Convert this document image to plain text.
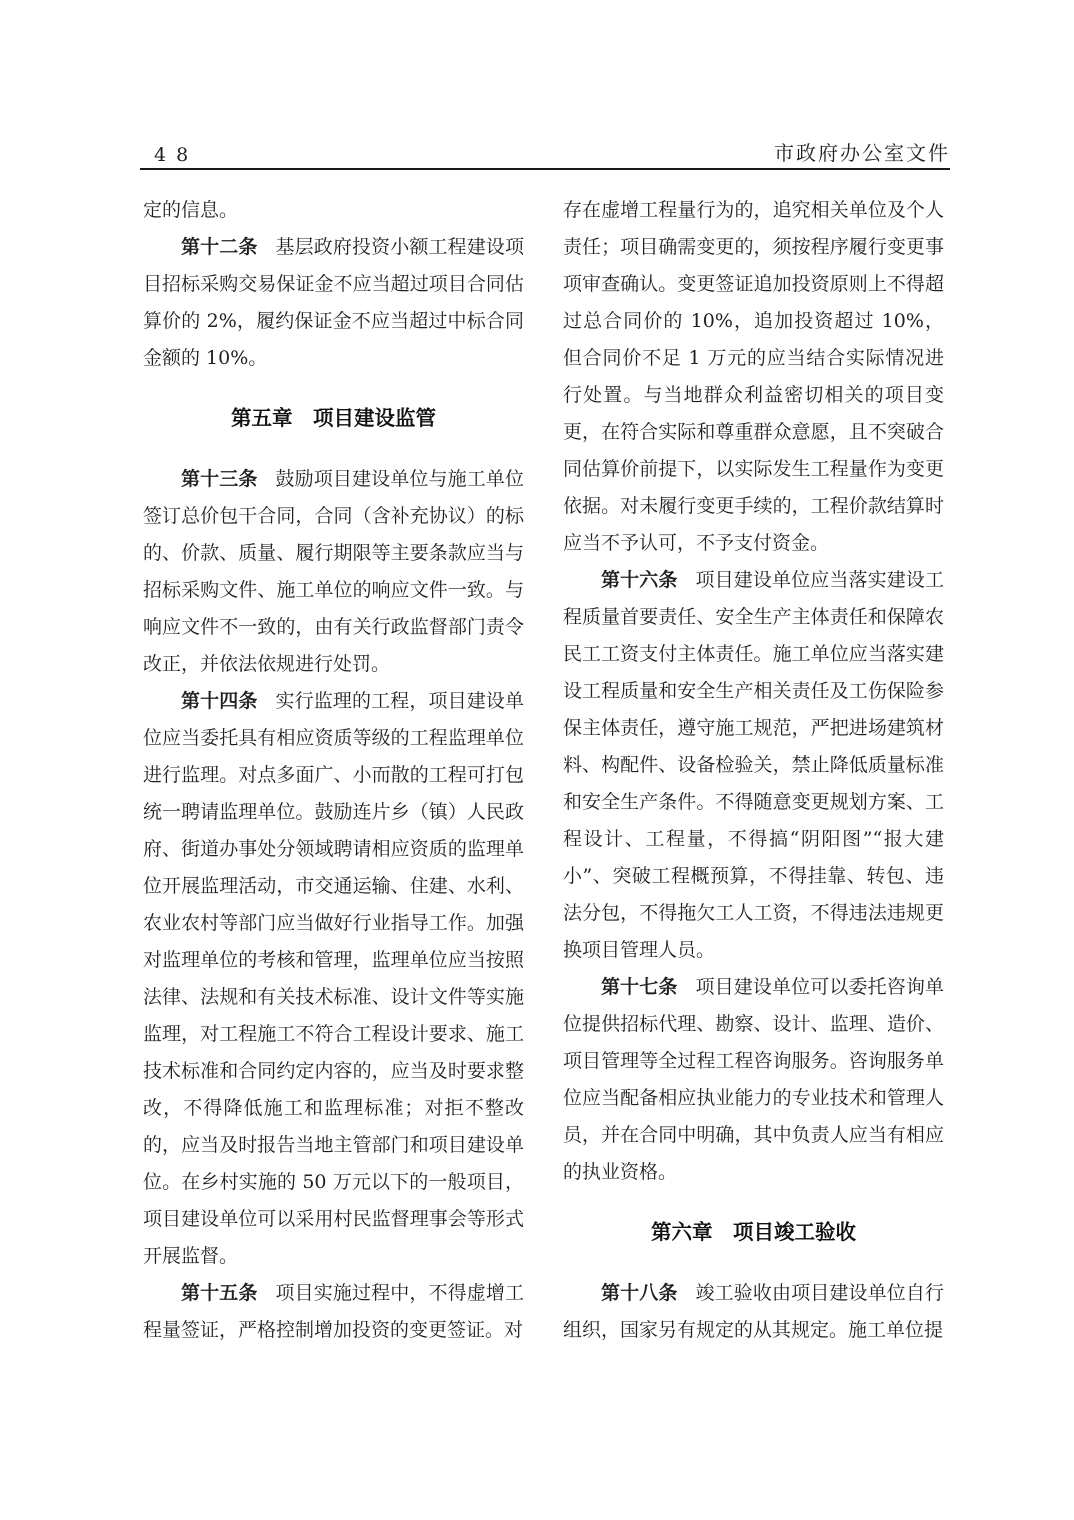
4 8	市政府办公室文件

定的信息。

第十二条 基层政府投资小额工程建设项目招标采购交易保证金不应当超过项目合同估算价的 2%，履约保证金不应当超过中标合同金额的 10%。

第五章　项目建设监管

第十三条 鼓励项目建设单位与施工单位签订总价包干合同，合同（含补充协议）的标的、价款、质量、履行期限等主要条款应当与招标采购文件、施工单位的响应文件一致。与响应文件不一致的，由有关行政监督部门责令改正，并依法依规进行处罚。

第十四条 实行监理的工程，项目建设单位应当委托具有相应资质等级的工程监理单位进行监理。对点多面广、小而散的工程可打包统一聘请监理单位。鼓励连片乡（镇）人民政府、街道办事处分领域聘请相应资质的监理单位开展监理活动，市交通运输、住建、水利、农业农村等部门应当做好行业指导工作。加强对监理单位的考核和管理，监理单位应当按照法律、法规和有关技术标准、设计文件等实施监理，对工程施工不符合工程设计要求、施工技术标准和合同约定内容的，应当及时要求整改，不得降低施工和监理标准；对拒不整改的，应当及时报告当地主管部门和项目建设单位。在乡村实施的 50 万元以下的一般项目，项目建设单位可以采用村民监督理事会等形式开展监督。

第十五条 项目实施过程中，不得虚增工程量签证，严格控制增加投资的变更签证。对

存在虚增工程量行为的，追究相关单位及个人责任；项目确需变更的，须按程序履行变更事项审查确认。变更签证追加投资原则上不得超过总合同价的 10%，追加投资超过 10%，但合同价不足 1 万元的应当结合实际情况进行处置。与当地群众利益密切相关的项目变更，在符合实际和尊重群众意愿，且不突破合同估算价前提下，以实际发生工程量作为变更依据。对未履行变更手续的，工程价款结算时应当不予认可，不予支付资金。

第十六条 项目建设单位应当落实建设工程质量首要责任、安全生产主体责任和保障农民工工资支付主体责任。施工单位应当落实建设工程质量和安全生产相关责任及工伤保险参保主体责任，遵守施工规范，严把进场建筑材料、构配件、设备检验关，禁止降低质量标准和安全生产条件。不得随意变更规划方案、工程设计、工程量，不得搞“阴阳图”“报大建小”、突破工程概预算，不得挂靠、转包、违法分包，不得拖欠工人工资，不得违法违规更换项目管理人员。

第十七条 项目建设单位可以委托咨询单位提供招标代理、勘察、设计、监理、造价、项目管理等全过程工程咨询服务。咨询服务单位应当配备相应执业能力的专业技术和管理人员，并在合同中明确，其中负责人应当有相应的执业资格。

第六章　项目竣工验收

第十八条 竣工验收由项目建设单位自行组织，国家另有规定的从其规定。施工单位提
